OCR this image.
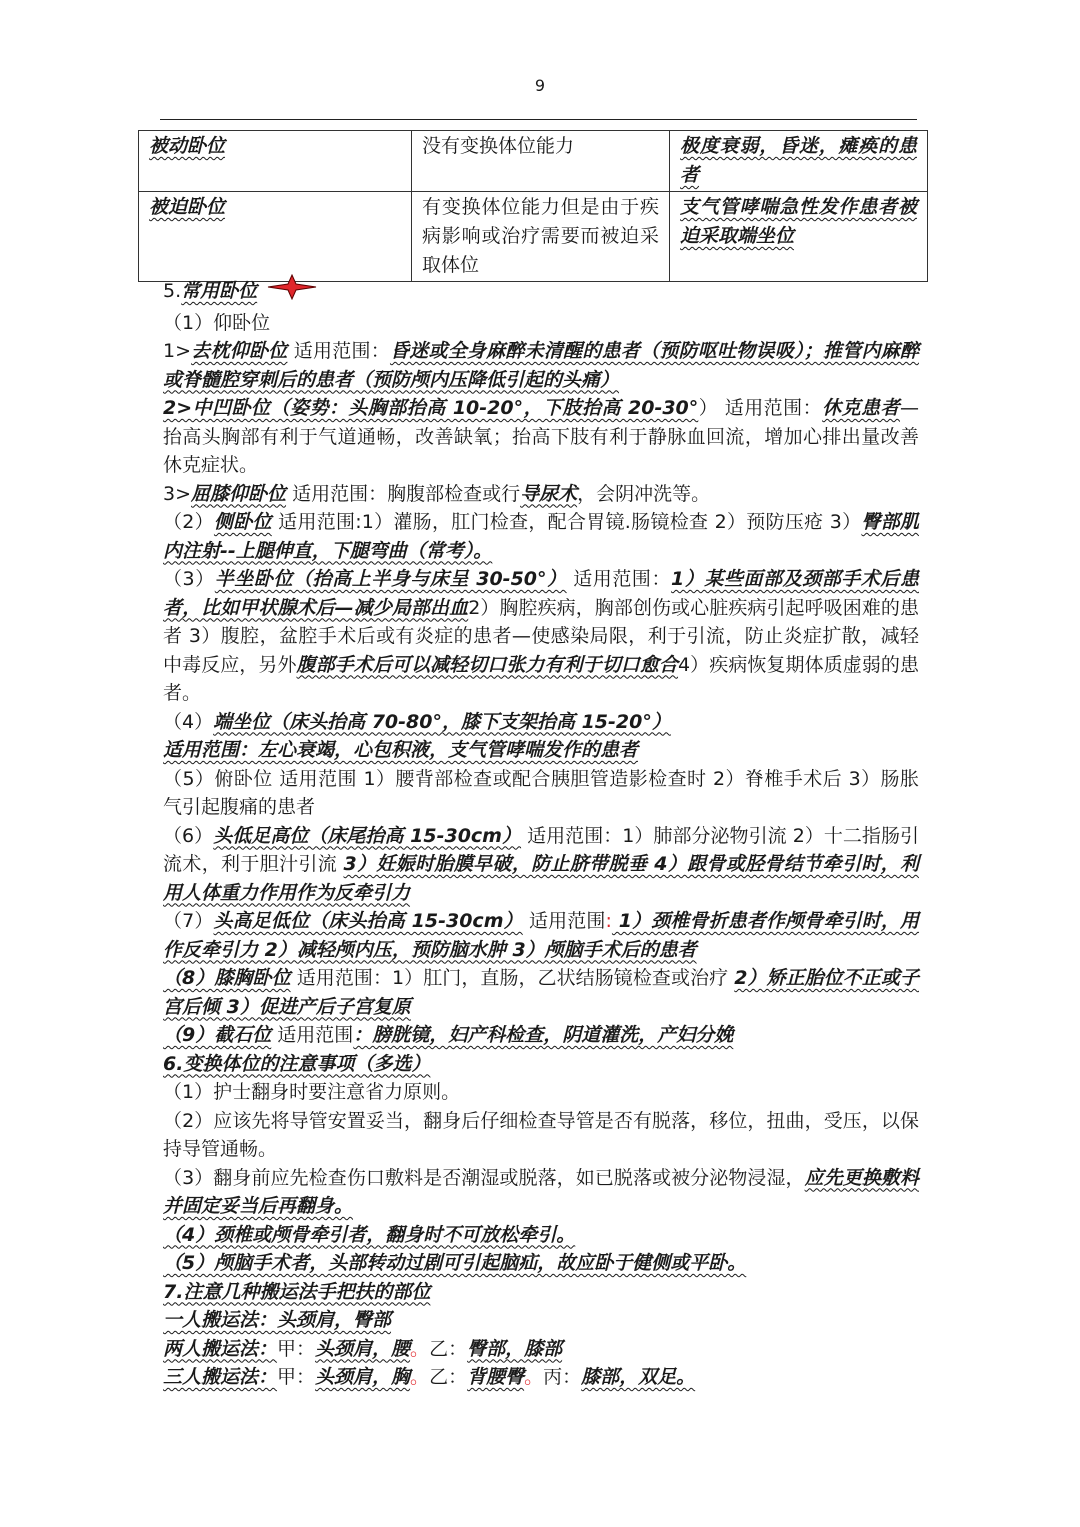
9
被动卧位	没有变换体位能力	极度衰弱，昏迷，瘫痪的患者
被迫卧位	有变换体位能力但是由于疾病影响或治疗需要而被迫采取体位	支气管哮喘急性发作患者被迫采取端坐位

5.常用卧位

（1）仰卧位

1>去枕仰卧位 适用范围：昏迷或全身麻醉未清醒的患者（预防呕吐物误吸）；推管内麻醉或脊髓腔穿刺后的患者（预防颅内压降低引起的头痛）

2>中凹卧位（姿势：头胸部抬高 10-20°，下肢抬高 20-30°） 适用范围：休克患者—抬高头胸部有利于气道通畅，改善缺氧；抬高下肢有利于静脉血回流，增加心排出量改善休克症状。

3>屈膝仰卧位 适用范围：胸腹部检查或行导尿术，会阴冲洗等。

（2）侧卧位 适用范围:1）灌肠，肛门检查，配合胃镜.肠镜检查 2）预防压疮 3）臀部肌内注射--上腿伸直，下腿弯曲（常考）。

（3）半坐卧位（抬高上半身与床呈 30-50°） 适用范围：1）某些面部及颈部手术后患者，比如甲状腺术后—减少局部出血2）胸腔疾病，胸部创伤或心脏疾病引起呼吸困难的患者 3）腹腔，盆腔手术后或有炎症的患者—使感染局限，利于引流，防止炎症扩散，减轻中毒反应，另外腹部手术后可以减轻切口张力有利于切口愈合4）疾病恢复期体质虚弱的患者。

（4）端坐位（床头抬高 70-80°，膝下支架抬高 15-20°）
适用范围：左心衰竭，心包积液，支气管哮喘发作的患者

（5）俯卧位 适用范围 1）腰背部检查或配合胰胆管造影检查时 2）脊椎手术后 3）肠胀气引起腹痛的患者

（6）头低足高位（床尾抬高 15-30cm） 适用范围：1）肺部分泌物引流 2）十二指肠引流术，利于胆汁引流 3）妊娠时胎膜早破，防止脐带脱垂 4）跟骨或胫骨结节牵引时，利用人体重力作用作为反牵引力

（7）头高足低位（床头抬高 15-30cm） 适用范围: 1）颈椎骨折患者作颅骨牵引时，用作反牵引力 2）减轻颅内压，预防脑水肿 3）颅脑手术后的患者

（8）膝胸卧位 适用范围：1）肛门，直肠，乙状结肠镜检查或治疗 2）矫正胎位不正或子宫后倾 3）促进产后子宫复原

（9）截石位 适用范围：膀胱镜，妇产科检查，阴道灌洗，产妇分娩

6.变换体位的注意事项（多选）

（1）护士翻身时要注意省力原则。

（2）应该先将导管安置妥当，翻身后仔细检查导管是否有脱落，移位，扭曲，受压，以保持导管通畅。

（3）翻身前应先检查伤口敷料是否潮湿或脱落，如已脱落或被分泌物浸湿，应先更换敷料并固定妥当后再翻身。

（4）颈椎或颅骨牵引者，翻身时不可放松牵引。

（5）颅脑手术者，头部转动过剧可引起脑疝，故应卧于健侧或平卧。

7.注意几种搬运法手把扶的部位

一人搬运法：头颈肩，臀部

两人搬运法：甲：头颈肩，腰。乙：臀部，膝部

三人搬运法：甲：头颈肩，胸。乙：背腰臀。丙：膝部，双足。
